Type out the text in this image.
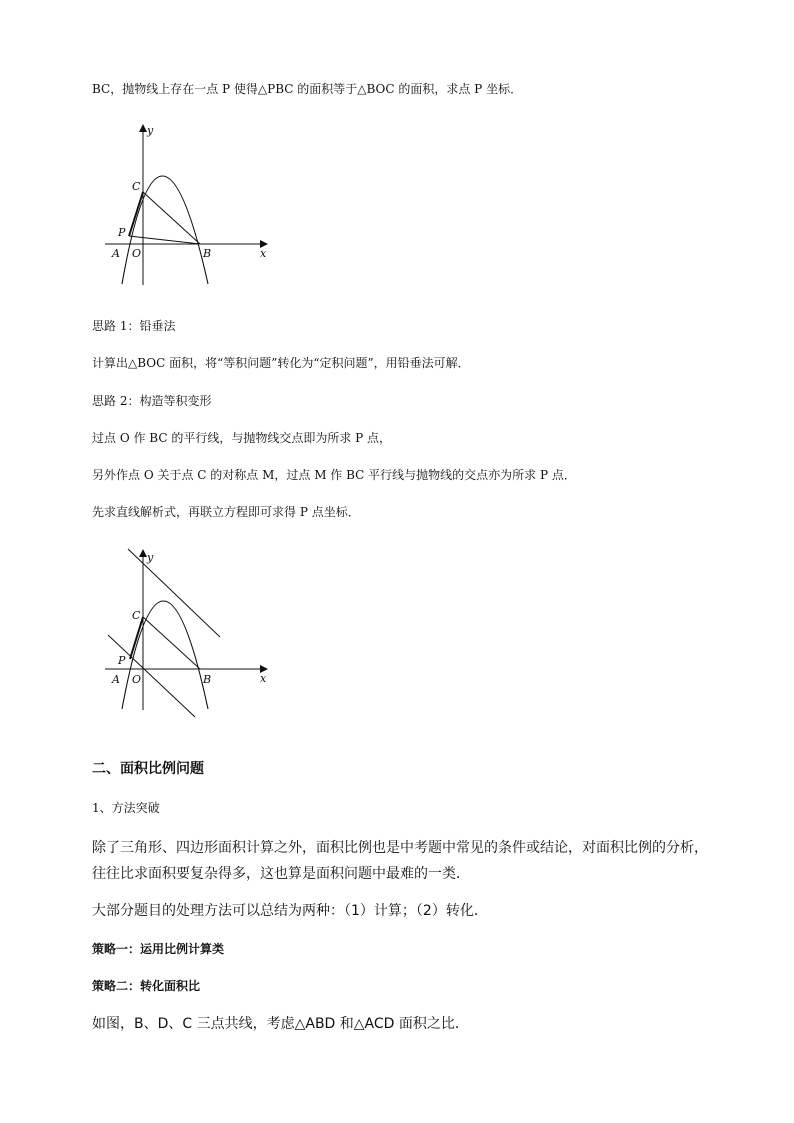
BC，抛物线上存在一点 P 使得△PBC 的面积等于△BOC 的面积，求点 P 坐标．
y
x
C
P
A O	B
思路 1：铅垂法
计算出△BOC 面积，将“等积问题”转化为“定积问题”，用铅垂法可解．
思路 2：构造等积变形
过点 O 作 BC 的平行线，与抛物线交点即为所求 P 点，
另外作点 O 关于点 C 的对称点 M，过点 M 作 BC 平行线与抛物线的交点亦为所求 P 点．
先求直线解析式，再联立方程即可求得 P 点坐标．
y
x
C
P
A O	B
二、面积比例问题
1、方法突破
除了三角形、四边形面积计算之外，面积比例也是中考题中常见的条件或结论，对面积比例的分析，
往往比求面积要复杂得多，这也算是面积问题中最难的一类．
大部分题目的处理方法可以总结为两种：（1）计算；（2）转化．
策略一：运用比例计算类
策略二：转化面积比
如图，B、D、C 三点共线，考虑△ABD 和△ACD 面积之比．
